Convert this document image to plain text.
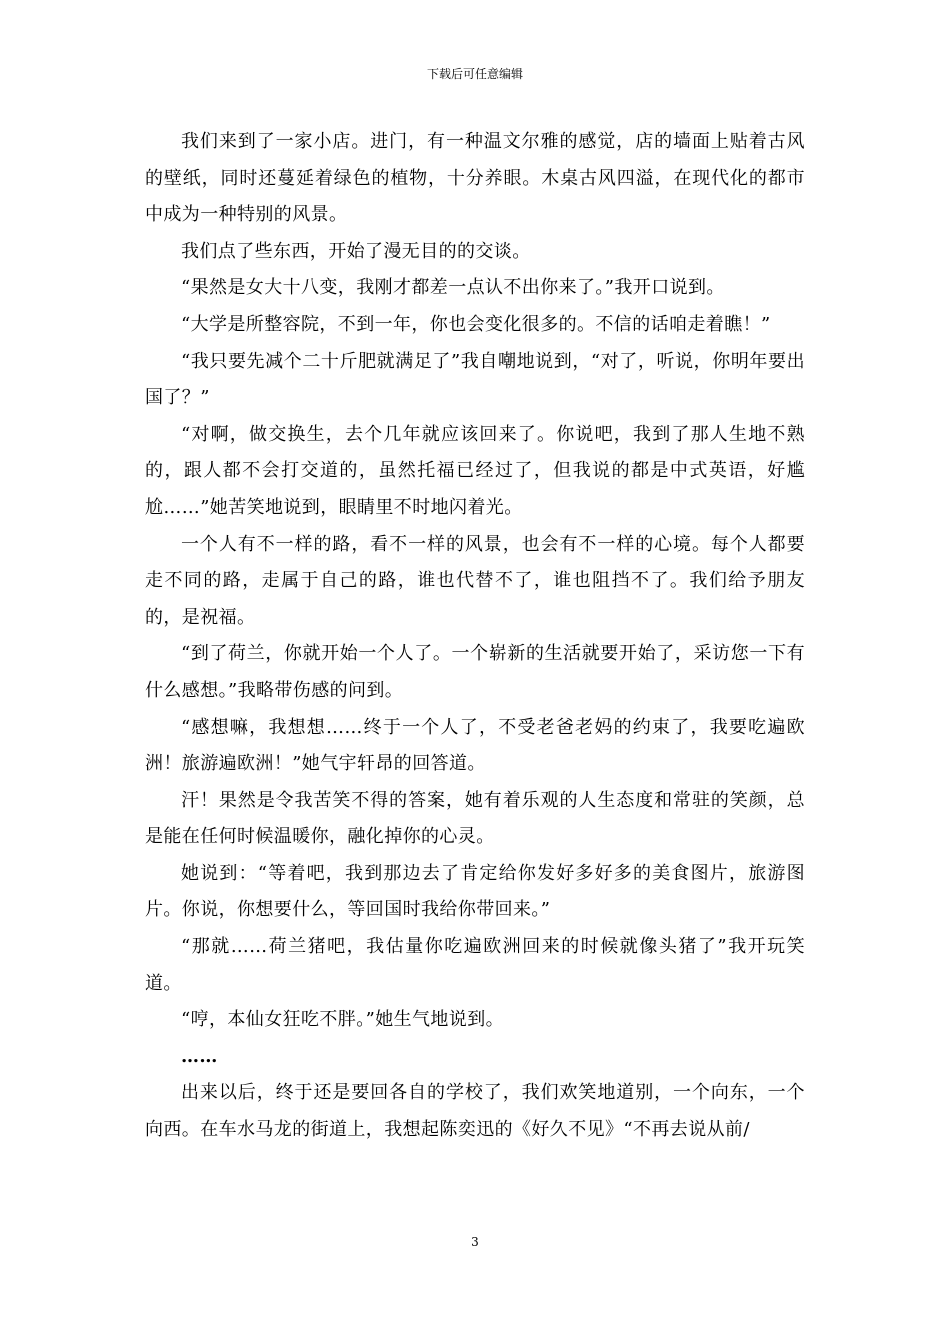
下载后可任意编辑

我们来到了一家小店。进门，有一种温文尔雅的感觉，店的墙面上贴着古风的壁纸，同时还蔓延着绿色的植物，十分养眼。木桌古风四溢，在现代化的都市中成为一种特别的风景。

我们点了些东西，开始了漫无目的的交谈。

“果然是女大十八变，我刚才都差一点认不出你来了。”我开口说到。

“大学是所整容院，不到一年，你也会变化很多的。不信的话咱走着瞧！”

“我只要先减个二十斤肥就满足了”我自嘲地说到，“对了，听说，你明年要出国了？”

“对啊，做交换生，去个几年就应该回来了。你说吧，我到了那人生地不熟的，跟人都不会打交道的，虽然托福已经过了，但我说的都是中式英语，好尴尬……”她苦笑地说到，眼睛里不时地闪着光。

一个人有不一样的路，看不一样的风景，也会有不一样的心境。每个人都要走不同的路，走属于自己的路，谁也代替不了，谁也阻挡不了。我们给予朋友的，是祝福。

“到了荷兰，你就开始一个人了。一个崭新的生活就要开始了，采访您一下有什么感想。”我略带伤感的问到。

“感想嘛，我想想……终于一个人了，不受老爸老妈的约束了，我要吃遍欧洲！旅游遍欧洲！”她气宇轩昂的回答道。

汗！果然是令我苦笑不得的答案，她有着乐观的人生态度和常驻的笑颜，总是能在任何时候温暖你，融化掉你的心灵。

她说到：“等着吧，我到那边去了肯定给你发好多好多的美食图片，旅游图片。你说，你想要什么，等回国时我给你带回来。”

“那就……荷兰猪吧，我估量你吃遍欧洲回来的时候就像头猪了”我开玩笑道。

“哼，本仙女狂吃不胖。”她生气地说到。

……

出来以后，终于还是要回各自的学校了，我们欢笑地道别，一个向东，一个向西。在车水马龙的街道上，我想起陈奕迅的《好久不见》“不再去说从前/

3
